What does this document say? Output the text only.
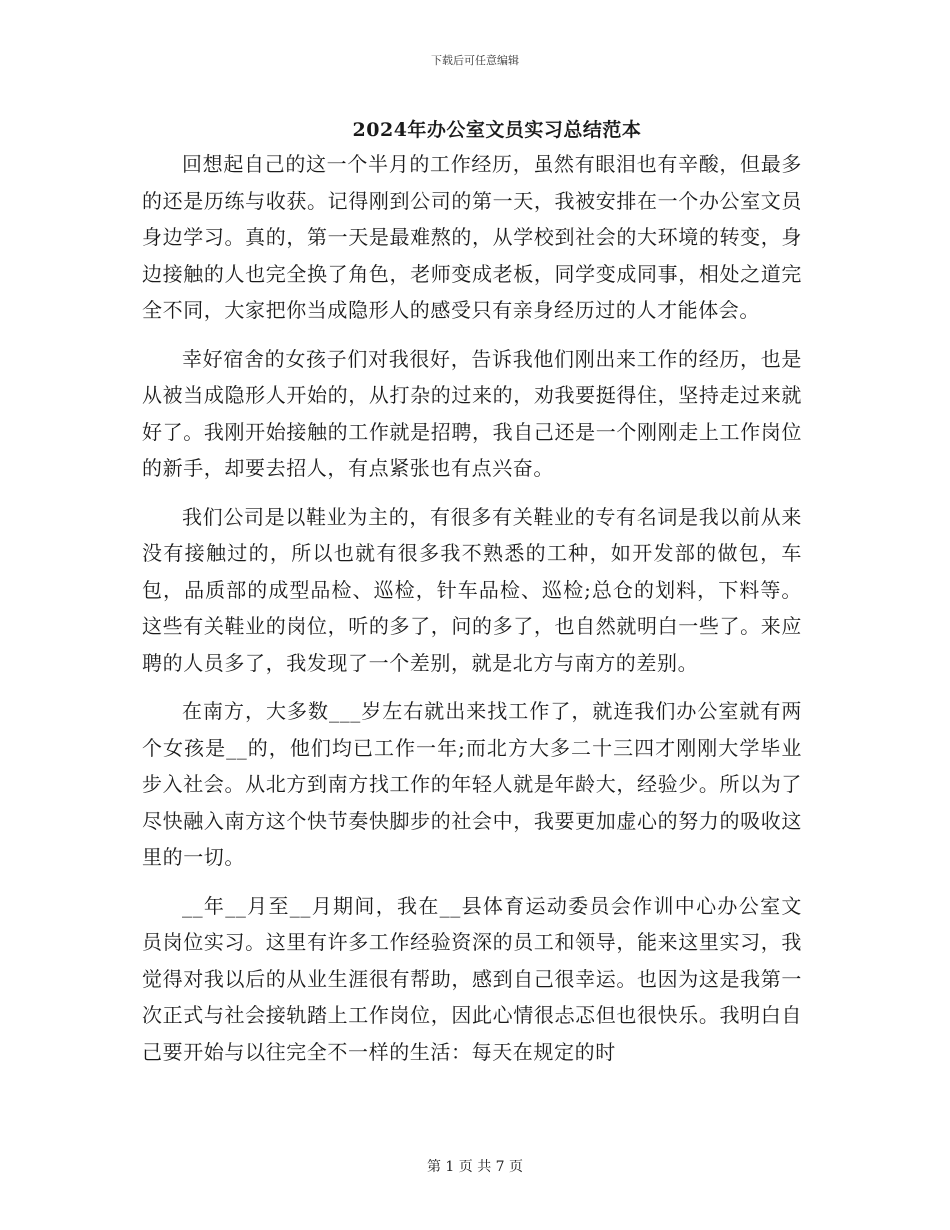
下载后可任意编辑
2024年办公室文员实习总结范本

回想起自己的这一个半月的工作经历，虽然有眼泪也有辛酸，但最多的还是历练与收获。记得刚到公司的第一天，我被安排在一个办公室文员身边学习。真的，第一天是最难熬的，从学校到社会的大环境的转变，身边接触的人也完全换了角色，老师变成老板，同学变成同事，相处之道完全不同，大家把你当成隐形人的感受只有亲身经历过的人才能体会。

幸好宿舍的女孩子们对我很好，告诉我他们刚出来工作的经历，也是从被当成隐形人开始的，从打杂的过来的，劝我要挺得住，坚持走过来就好了。我刚开始接触的工作就是招聘，我自己还是一个刚刚走上工作岗位的新手，却要去招人，有点紧张也有点兴奋。

我们公司是以鞋业为主的，有很多有关鞋业的专有名词是我以前从来没有接触过的，所以也就有很多我不熟悉的工种，如开发部的做包，车包，品质部的成型品检、巡检，针车品检、巡检;总仓的划料，下料等。这些有关鞋业的岗位，听的多了，问的多了，也自然就明白一些了。来应聘的人员多了，我发现了一个差别，就是北方与南方的差别。

在南方，大多数___岁左右就出来找工作了，就连我们办公室就有两个女孩是__的，他们均已工作一年;而北方大多二十三四才刚刚大学毕业步入社会。从北方到南方找工作的年轻人就是年龄大，经验少。所以为了尽快融入南方这个快节奏快脚步的社会中，我要更加虚心的努力的吸收这里的一切。

__年__月至__月期间，我在__县体育运动委员会作训中心办公室文员岗位实习。这里有许多工作经验资深的员工和领导，能来这里实习，我觉得对我以后的从业生涯很有帮助，感到自己很幸运。也因为这是我第一次正式与社会接轨踏上工作岗位，因此心情很忐忑但也很快乐。我明白自己要开始与以往完全不一样的生活：每天在规定的时

第 1 页 共 7 页
